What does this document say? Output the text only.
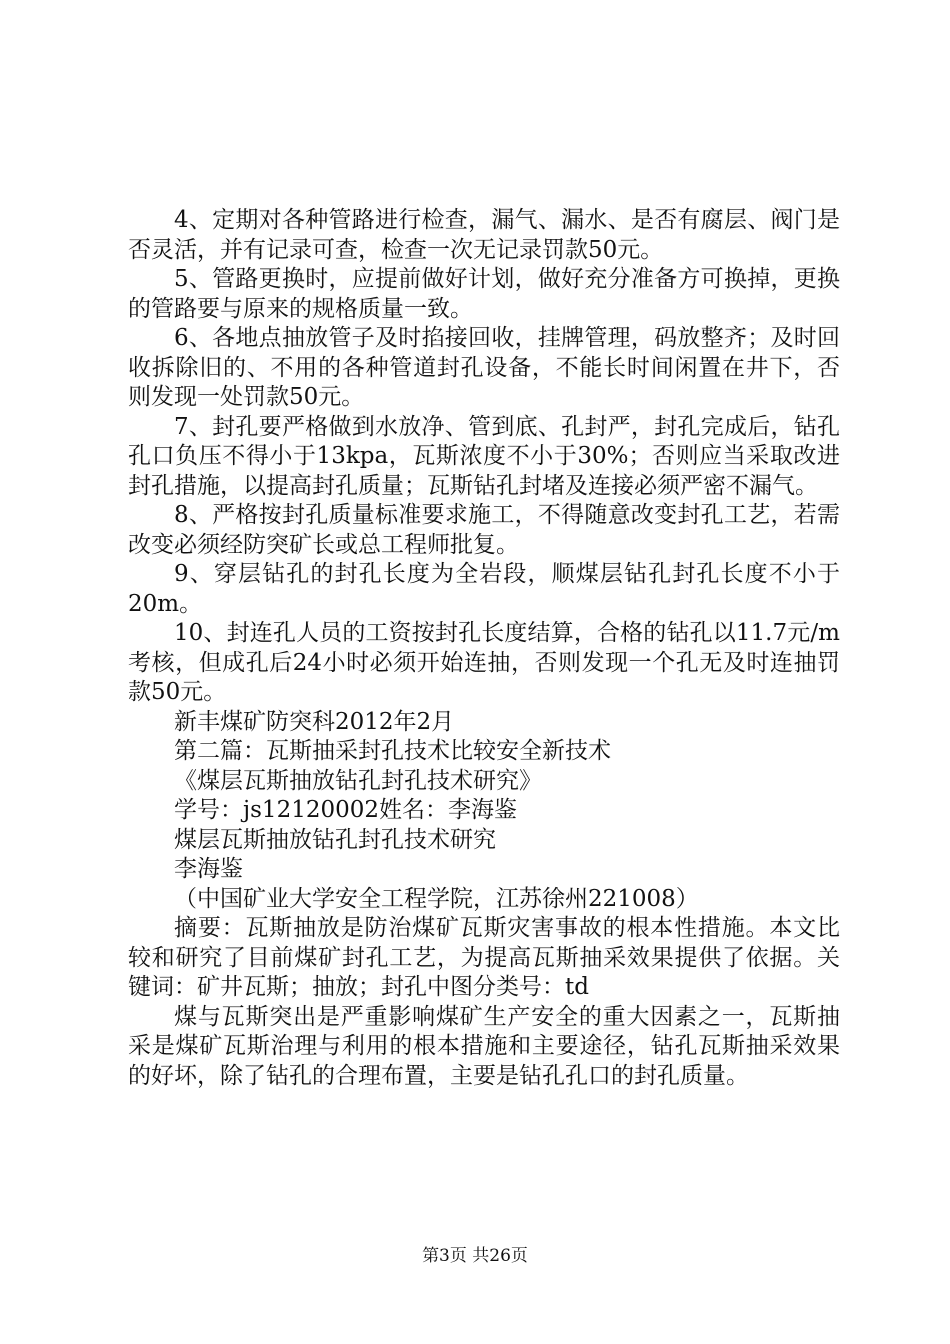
4、定期对各种管路进行检查，漏气、漏水、是否有腐层、阀门是否灵活，并有记录可查，检查一次无记录罚款50元。

5、管路更换时，应提前做好计划，做好充分准备方可换掉，更换的管路要与原来的规格质量一致。

6、各地点抽放管子及时掐接回收，挂牌管理，码放整齐；及时回收拆除旧的、不用的各种管道封孔设备，不能长时间闲置在井下，否则发现一处罚款50元。

7、封孔要严格做到水放净、管到底、孔封严，封孔完成后，钻孔孔口负压不得小于13kpa，瓦斯浓度不小于30%；否则应当采取改进封孔措施，以提高封孔质量；瓦斯钻孔封堵及连接必须严密不漏气。

8、严格按封孔质量标准要求施工，不得随意改变封孔工艺，若需改变必须经防突矿长或总工程师批复。

9、穿层钻孔的封孔长度为全岩段，顺煤层钻孔封孔长度不小于20m。

10、封连孔人员的工资按封孔长度结算，合格的钻孔以11.7元/m考核，但成孔后24小时必须开始连抽，否则发现一个孔无及时连抽罚款50元。

新丰煤矿防突科2012年2月

第二篇：瓦斯抽采封孔技术比较安全新技术

《煤层瓦斯抽放钻孔封孔技术研究》

学号：js12120002姓名：李海鉴

煤层瓦斯抽放钻孔封孔技术研究

李海鉴

（中国矿业大学安全工程学院，江苏徐州221008）

摘要：瓦斯抽放是防治煤矿瓦斯灾害事故的根本性措施。本文比较和研究了目前煤矿封孔工艺，为提高瓦斯抽采效果提供了依据。关键词：矿井瓦斯；抽放；封孔中图分类号：td

煤与瓦斯突出是严重影响煤矿生产安全的重大因素之一，瓦斯抽采是煤矿瓦斯治理与利用的根本措施和主要途径，钻孔瓦斯抽采效果的好坏，除了钻孔的合理布置，主要是钻孔孔口的封孔质量。

第3页 共26页
